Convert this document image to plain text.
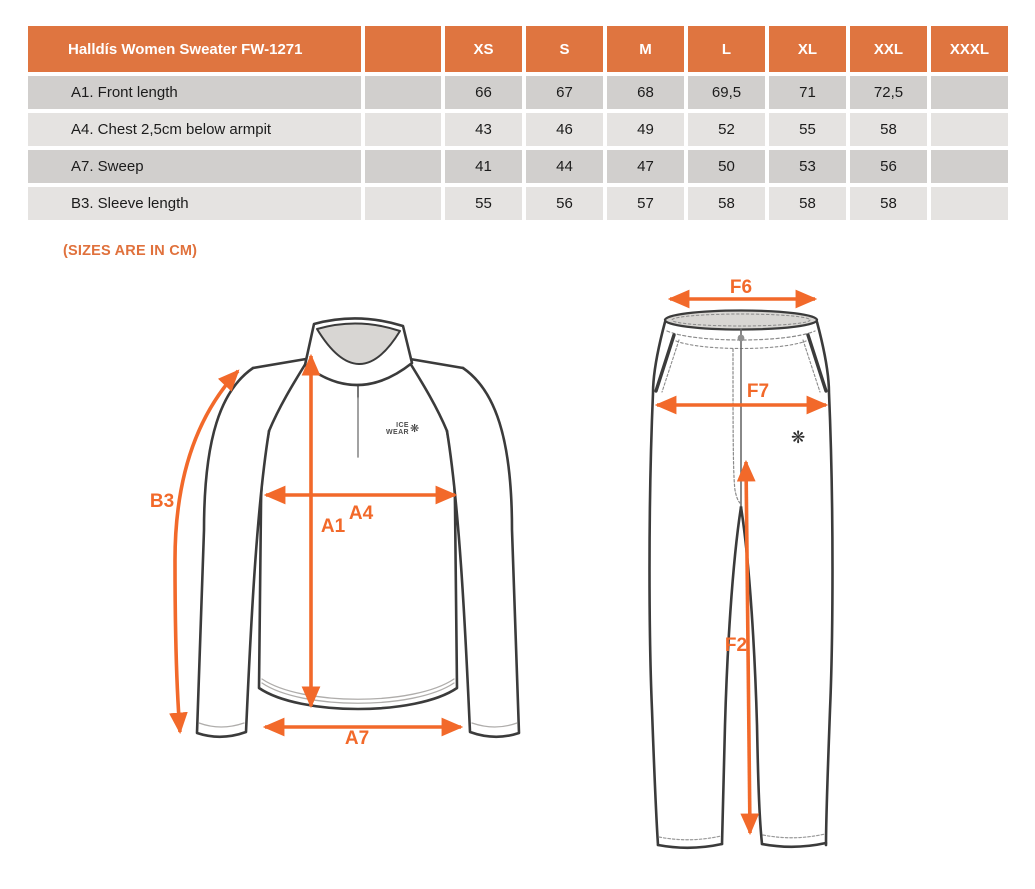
Halldís Women Sweater FW-1271	XS	S	M	L	XL	XXL	XXXL
A1. Front length	66	67	68	69,5	71	72,5
A4. Chest 2,5cm below armpit	43	46	49	52	55	58
A7. Sweep	41	44	47	50	53	56
B3. Sleeve length	55	56	57	58	58	58
(SIZES ARE IN CM)
B3
A4
A1
A7
F6
F7
F2
ICE
WEAR ❋	❋
